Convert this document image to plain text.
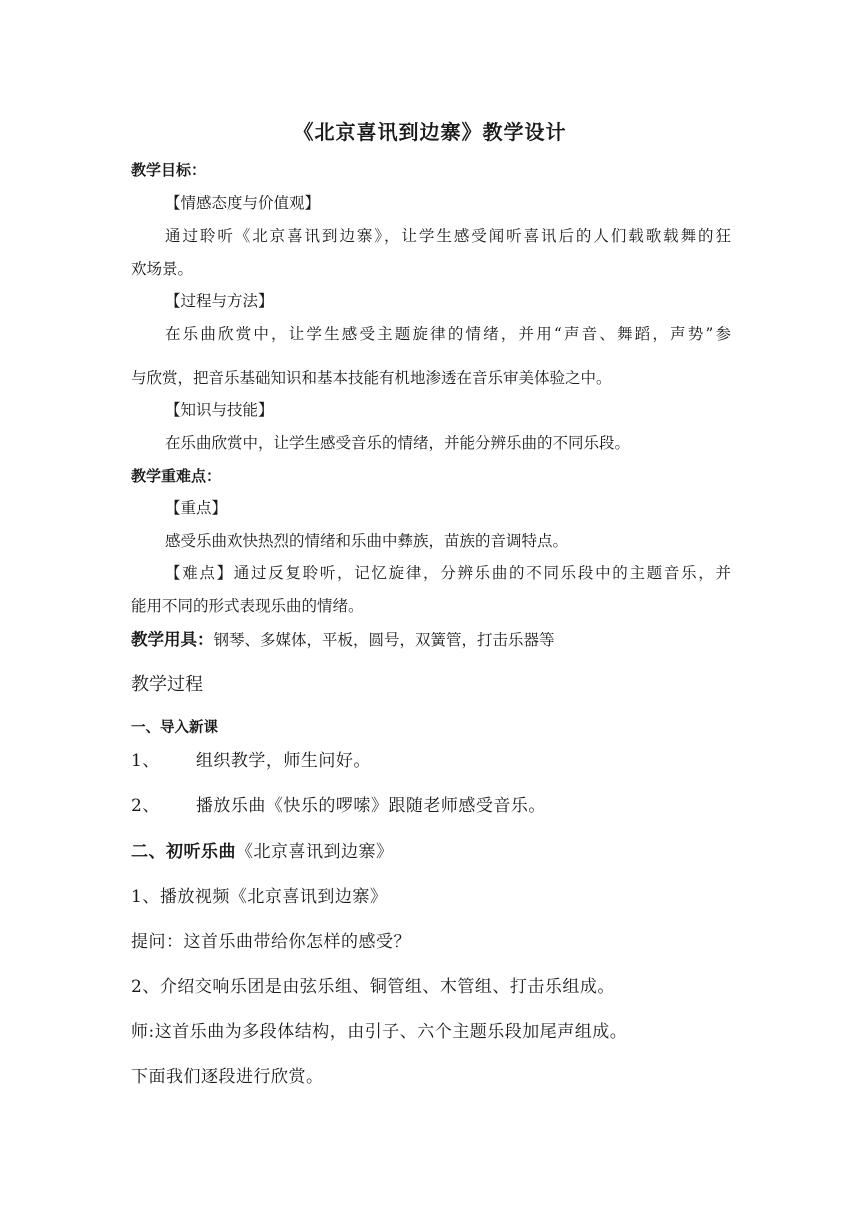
《北京喜讯到边寨》教学设计
教学目标：
【情感态度与价值观】
通过聆听《北京喜讯到边寨》，让学生感受闻听喜讯后的人们载歌载舞的狂
欢场景。
【过程与方法】
在乐曲欣赏中，让学生感受主题旋律的情绪，并用“声音、舞蹈，声势”参
与欣赏，把音乐基础知识和基本技能有机地渗透在音乐审美体验之中。
【知识与技能】
在乐曲欣赏中，让学生感受音乐的情绪，并能分辨乐曲的不同乐段。
教学重难点：
【重点】
感受乐曲欢快热烈的情绪和乐曲中彝族，苗族的音调特点。
【难点】通过反复聆听，记忆旋律，分辨乐曲的不同乐段中的主题音乐，并
能用不同的形式表现乐曲的情绪。
教学用具：钢琴、多媒体，平板，圆号，双簧管，打击乐器等
教学过程
一、导入新课
1、 组织教学，师生问好。
2、 播放乐曲《快乐的啰嗦》跟随老师感受音乐。
二、初听乐曲《北京喜讯到边寨》
1、播放视频《北京喜讯到边寨》
提问：这首乐曲带给你怎样的感受？
2、介绍交响乐团是由弦乐组、铜管组、木管组、打击乐组成。
师:这首乐曲为多段体结构，由引子、六个主题乐段加尾声组成。
下面我们逐段进行欣赏。
